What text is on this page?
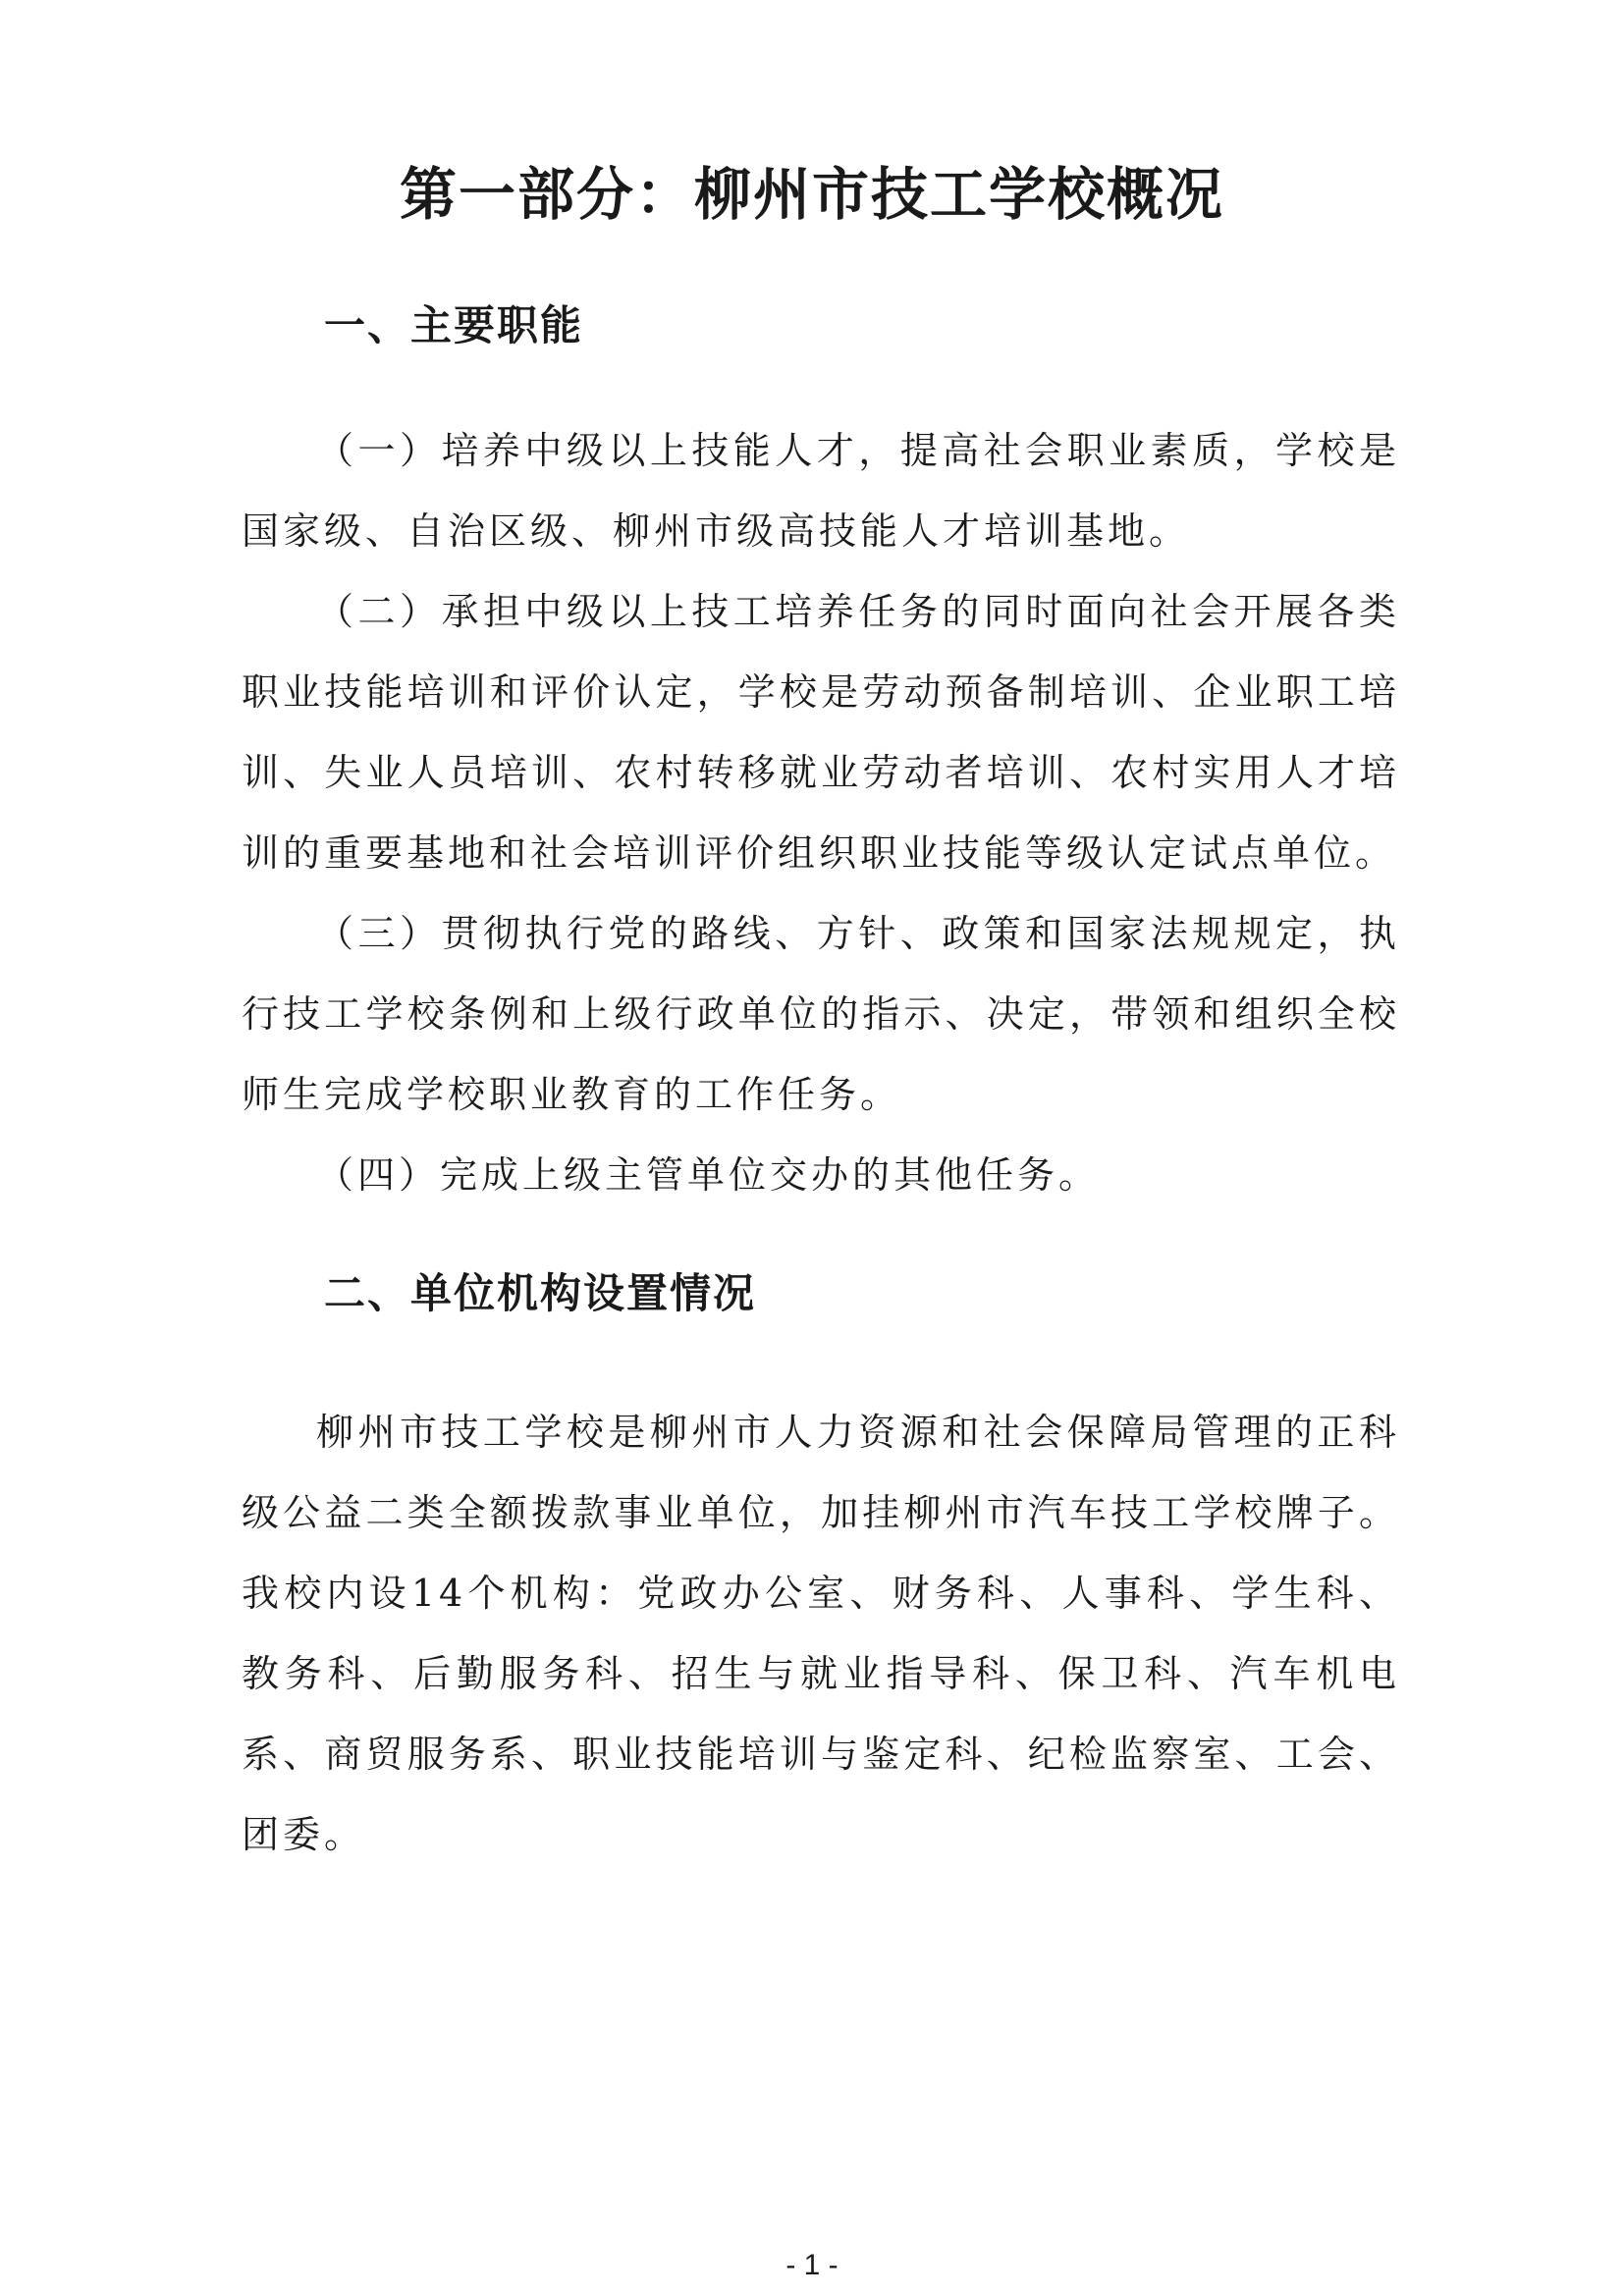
第一部分：柳州市技工学校概况
一、主要职能

（一）培养中级以上技能人才，提高社会职业素质，学校是国家级、自治区级、柳州市级高技能人才培训基地。

（二）承担中级以上技工培养任务的同时面向社会开展各类职业技能培训和评价认定，学校是劳动预备制培训、企业职工培训、失业人员培训、农村转移就业劳动者培训、农村实用人才培训的重要基地和社会培训评价组织职业技能等级认定试点单位。

（三）贯彻执行党的路线、方针、政策和国家法规规定，执行技工学校条例和上级行政单位的指示、决定，带领和组织全校师生完成学校职业教育的工作任务。

（四）完成上级主管单位交办的其他任务。

二、单位机构设置情况

柳州市技工学校是柳州市人力资源和社会保障局管理的正科级公益二类全额拨款事业单位，加挂柳州市汽车技工学校牌子。我校内设14个机构：党政办公室、财务科、人事科、学生科、教务科、后勤服务科、招生与就业指导科、保卫科、汽车机电系、商贸服务系、职业技能培训与鉴定科、纪检监察室、工会、团委。

- 1 -
